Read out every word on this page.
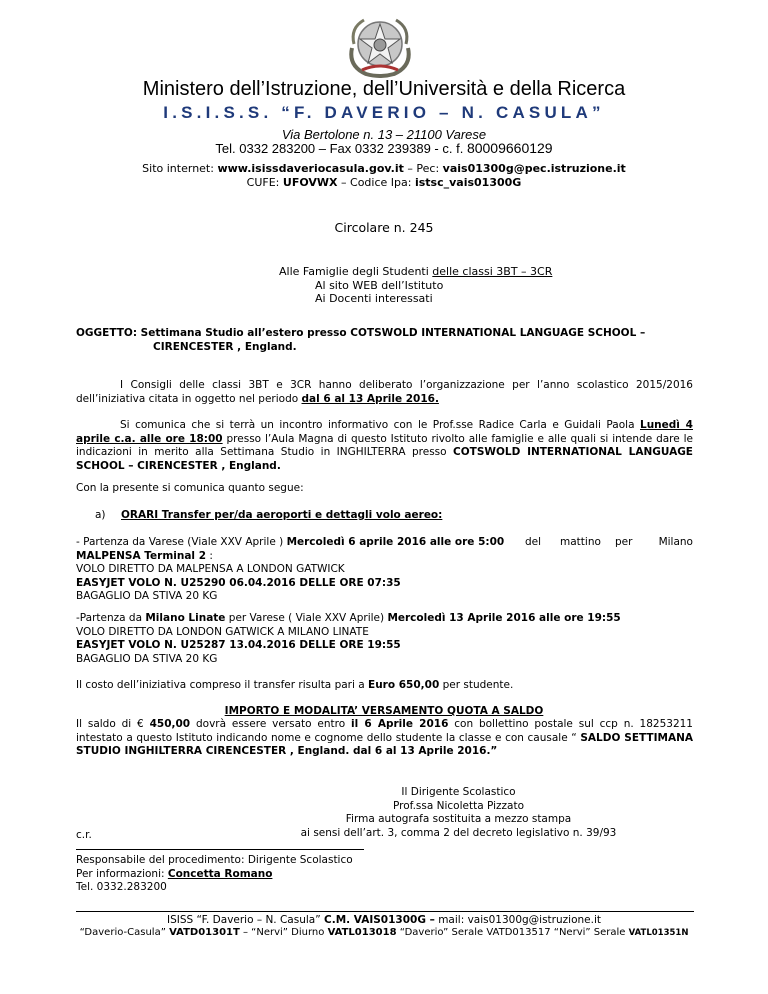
Ministero dell’Istruzione, dell’Università e della Ricerca
I.S.I.S.S. “F. DAVERIO – N. CASULA”
Via Bertolone n. 13 – 21100 Varese
Tel. 0332 283200 – Fax 0332 239389 - c. f. 80009660129
Sito internet: www.isissdaveriocasula.gov.it – Pec: vais01300g@pec.istruzione.it
CUFE: UFOVWX – Codice Ipa: istsc_vais01300G
Circolare n. 245
Alle Famiglie degli Studenti delle classi 3BT – 3CR
Al sito WEB dell’Istituto
Ai Docenti interessati
OGGETTO: Settimana Studio all’estero presso COTSWOLD INTERNATIONAL LANGUAGE SCHOOL –
CIRENCESTER , England.
I Consigli delle classi 3BT e 3CR hanno deliberato l’organizzazione per l’anno scolastico 2015/2016 dell’iniziativa citata in oggetto nel periodo dal 6 al 13 Aprile 2016.
Si comunica che si terrà un incontro informativo con le Prof.sse Radice Carla e Guidali Paola Lunedì 4 aprile c.a. alle ore 18:00 presso l’Aula Magna di questo Istituto rivolto alle famiglie e alle quali si intende dare le indicazioni in merito alla Settimana Studio in INGHILTERRA presso COTSWOLD INTERNATIONAL LANGUAGE SCHOOL – CIRENCESTER , England.
Con la presente si comunica quanto segue:
a) ORARI Transfer per/da aeroporti e dettagli volo aereo:
- Partenza da Varese (Viale XXV Aprile ) Mercoledì 6 aprile 2016 alle ore 5:00 del mattino per Milano
MALPENSA Terminal 2 :
VOLO DIRETTO DA MALPENSA A LONDON GATWICK
EASYJET VOLO N. U25290 06.04.2016 DELLE ORE 07:35
BAGAGLIO DA STIVA 20 KG
-Partenza da Milano Linate per Varese ( Viale XXV Aprile) Mercoledì 13 Aprile 2016 alle ore 19:55
VOLO DIRETTO DA LONDON GATWICK A MILANO LINATE
EASYJET VOLO N. U25287 13.04.2016 DELLE ORE 19:55
BAGAGLIO DA STIVA 20 KG
Il costo dell’iniziativa compreso il transfer risulta pari a Euro 650,00 per studente.
IMPORTO E MODALITA’ VERSAMENTO QUOTA A SALDO
Il saldo di € 450,00 dovrà essere versato entro il 6 Aprile 2016 con bollettino postale sul ccp n. 18253211 intestato a questo Istituto indicando nome e cognome dello studente la classe e con causale “ SALDO SETTIMANA STUDIO INGHILTERRA CIRENCESTER , England. dal 6 al 13 Aprile 2016.”
Il Dirigente Scolastico
Prof.ssa Nicoletta Pizzato
Firma autografa sostituita a mezzo stampa
ai sensi dell’art. 3, comma 2 del decreto legislativo n. 39/93
c.r.
Responsabile del procedimento: Dirigente Scolastico
Per informazioni: Concetta Romano
Tel. 0332.283200
ISISS “F. Daverio – N. Casula” C.M. VAIS01300G – mail: vais01300g@istruzione.it
“Daverio-Casula” VATD01301T – “Nervi” Diurno VATL013018 “Daverio” Serale VATD013517 “Nervi” Serale VATL01351N
